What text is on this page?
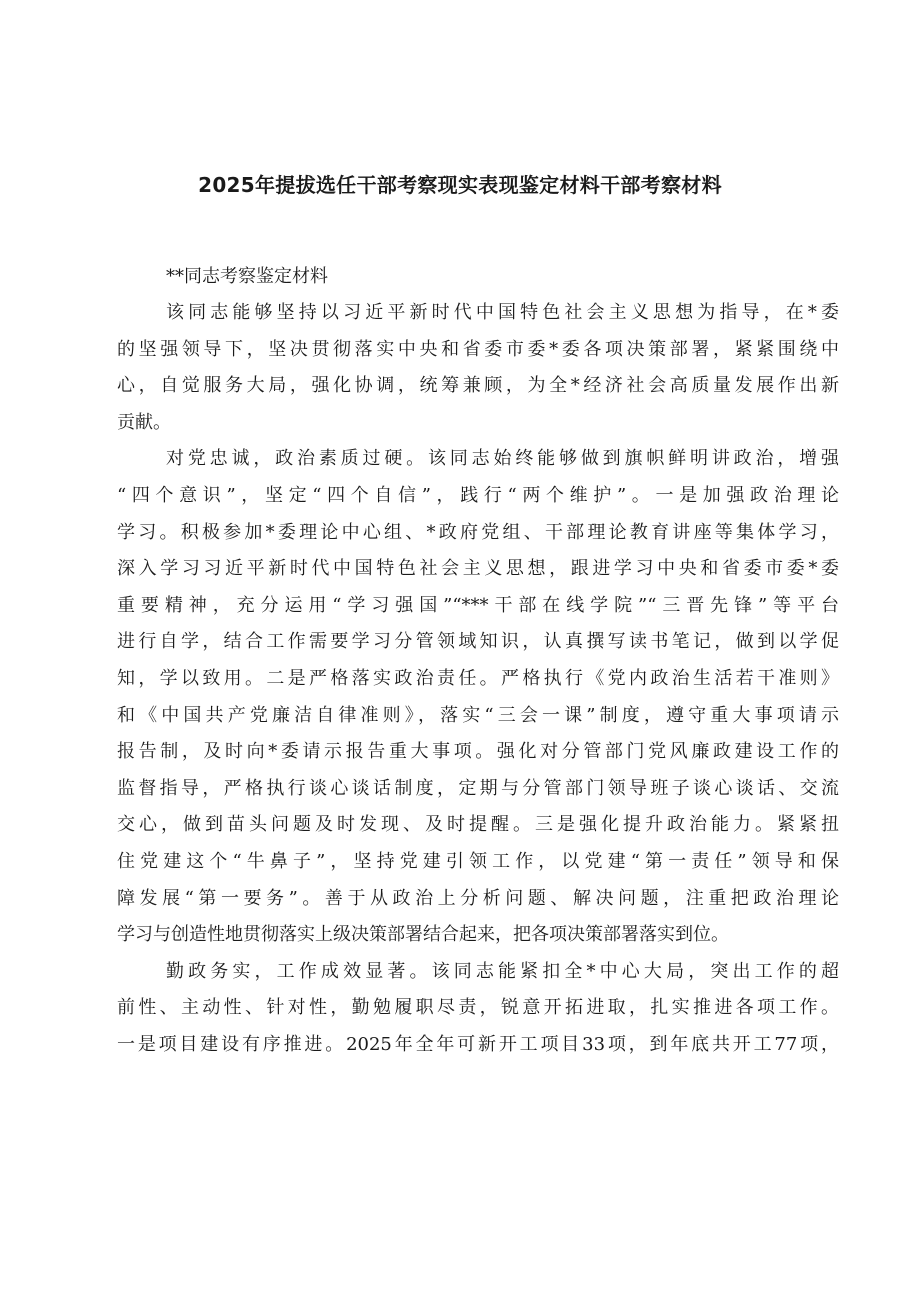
2025年提拔选任干部考察现实表现鉴定材料干部考察材料

**同志考察鉴定材料

该同志能够坚持以习近平新时代中国特色社会主义思想为指导，在*委
的坚强领导下，坚决贯彻落实中央和省委市委*委各项决策部署，紧紧围绕中
心，自觉服务大局，强化协调，统筹兼顾，为全*经济社会高质量发展作出新
贡献。

对党忠诚，政治素质过硬。该同志始终能够做到旗帜鲜明讲政治，增强
“四个意识”，坚定“四个自信”，践行“两个维护”。一是加强政治理论
学习。积极参加*委理论中心组、*政府党组、干部理论教育讲座等集体学习，
深入学习习近平新时代中国特色社会主义思想，跟进学习中央和省委市委*委
重要精神，充分运用“学习强国”“***干部在线学院”“三晋先锋”等平台
进行自学，结合工作需要学习分管领域知识，认真撰写读书笔记，做到以学促
知，学以致用。二是严格落实政治责任。严格执行《党内政治生活若干准则》
和《中国共产党廉洁自律准则》，落实“三会一课”制度，遵守重大事项请示
报告制，及时向*委请示报告重大事项。强化对分管部门党风廉政建设工作的
监督指导，严格执行谈心谈话制度，定期与分管部门领导班子谈心谈话、交流
交心，做到苗头问题及时发现、及时提醒。三是强化提升政治能力。紧紧扭
住党建这个“牛鼻子”，坚持党建引领工作，以党建“第一责任”领导和保
障发展“第一要务”。善于从政治上分析问题、解决问题，注重把政治理论
学习与创造性地贯彻落实上级决策部署结合起来，把各项决策部署落实到位。

勤政务实，工作成效显著。该同志能紧扣全*中心大局，突出工作的超
前性、主动性、针对性，勤勉履职尽责，锐意开拓进取，扎实推进各项工作。
一是项目建设有序推进。2025年全年可新开工项目33项，到年底共开工77项，
